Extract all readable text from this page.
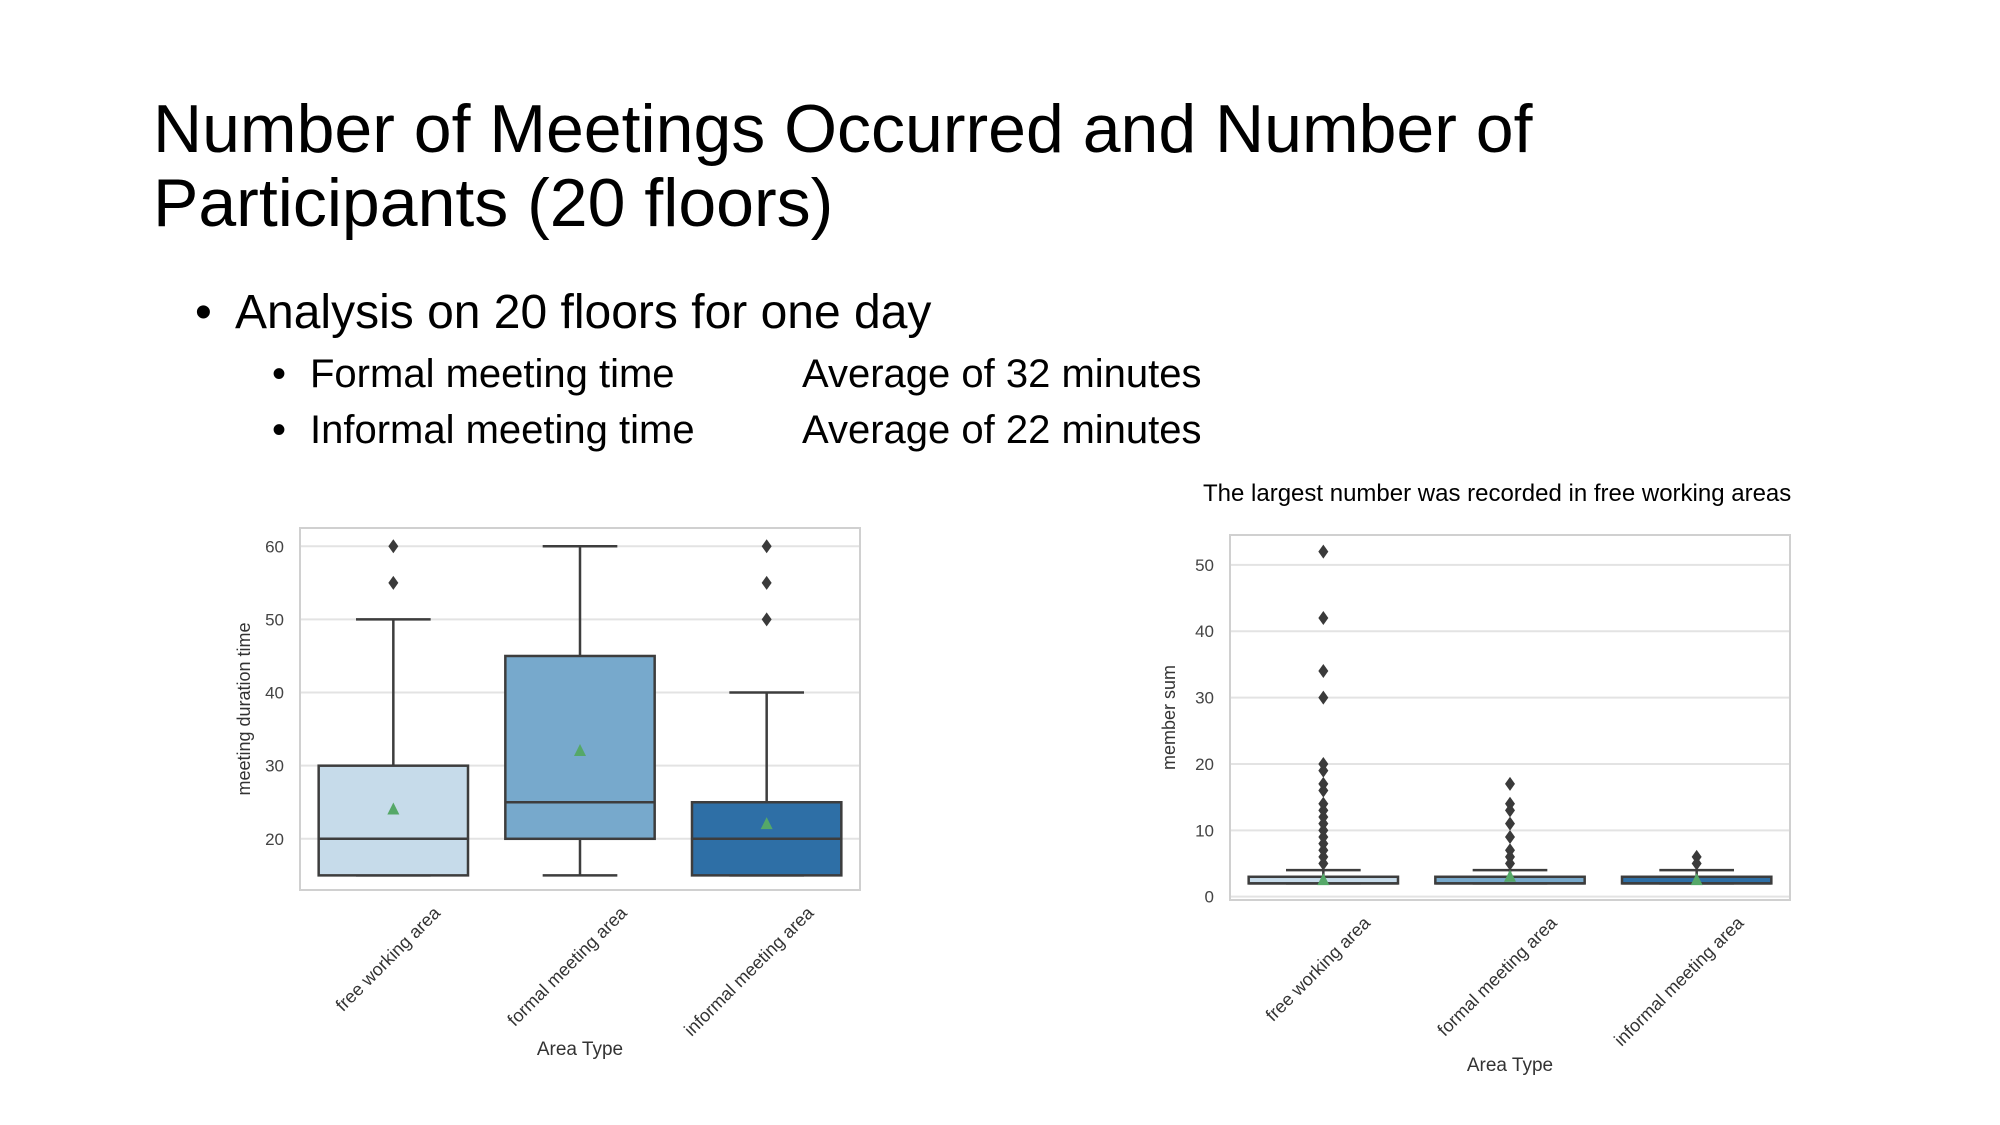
Number of Meetings Occurred and Number of Participants (20 floors)
• Analysis on 20 floors for one day
• Formal meeting time	Average of 32 minutes
• Informal meeting time	Average of 22 minutes
The largest number was recorded in free working areas
20
30
40
50
60
free working area	formal meeting area	informal meeting area
Area Type
meeting duration time
0
10
20
30
40
50
free working area	formal meeting area	informal meeting area
Area Type
member sum
